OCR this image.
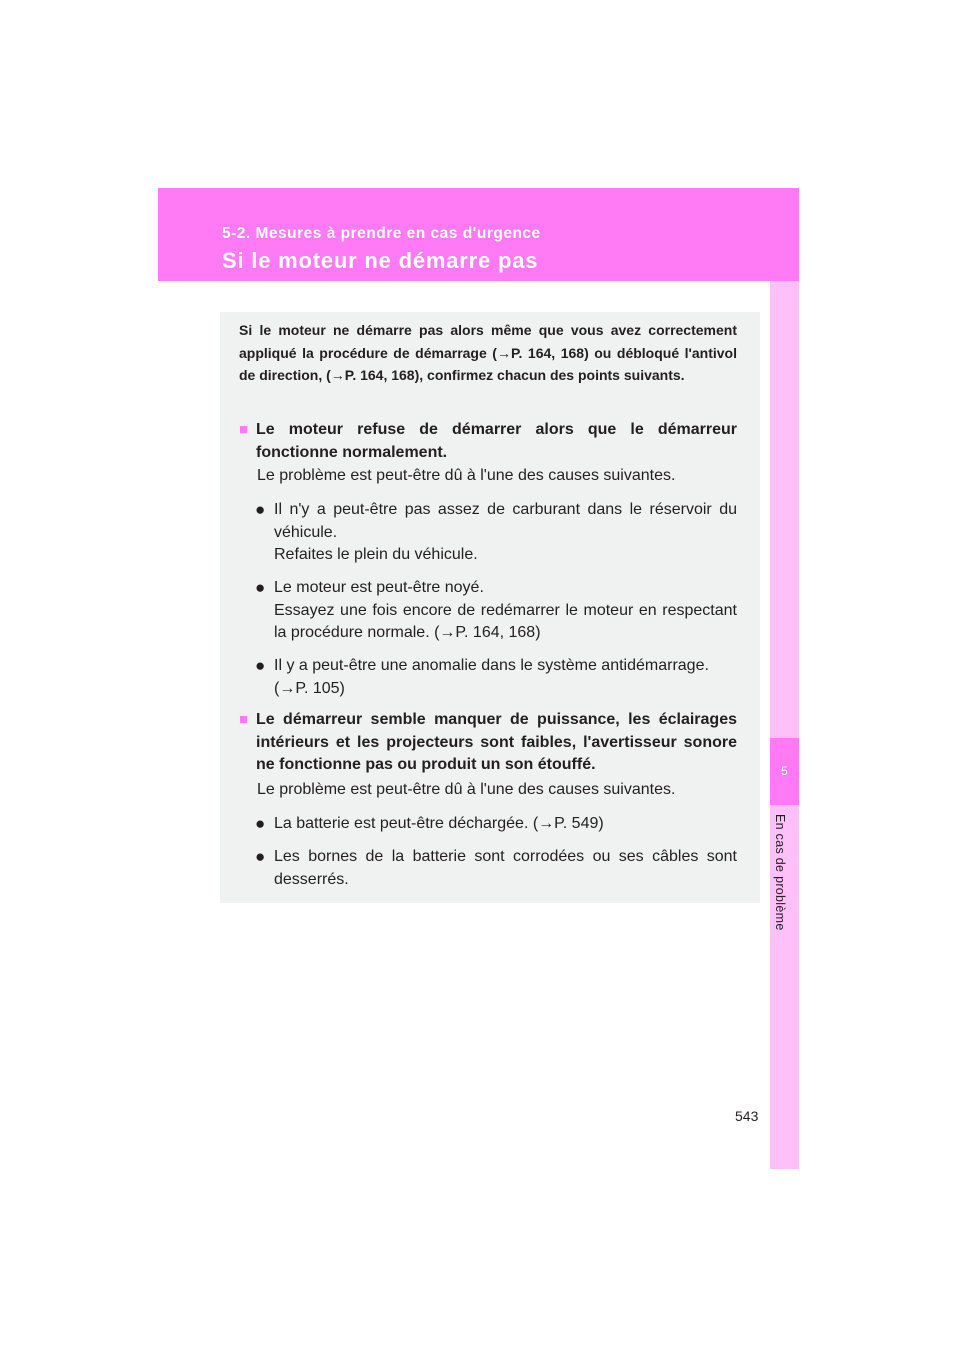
5-2. Mesures à prendre en cas d'urgence
Si le moteur ne démarre pas
5
En cas de problème
Si le moteur ne démarre pas alors même que vous avez correctement appliqué la procédure de démarrage (→P. 164, 168) ou débloqué l'antivol de direction, (→P. 164, 168), confirmez chacun des points suivants.
■ Le moteur refuse de démarrer alors que le démarreur fonctionne normalement.
Le problème est peut-être dû à l'une des causes suivantes.
● Il n'y a peut-être pas assez de carburant dans le réservoir du véhicule.
Refaites le plein du véhicule.
● Le moteur est peut-être noyé.
Essayez une fois encore de redémarrer le moteur en respectant la procédure normale. (→P. 164, 168)
● Il y a peut-être une anomalie dans le système antidémarrage.
(→P. 105)
■ Le démarreur semble manquer de puissance, les éclairages intérieurs et les projecteurs sont faibles, l'avertisseur sonore ne fonctionne pas ou produit un son étouffé.
Le problème est peut-être dû à l'une des causes suivantes.
● La batterie est peut-être déchargée. (→P. 549)
● Les bornes de la batterie sont corrodées ou ses câbles sont desserrés.
543
